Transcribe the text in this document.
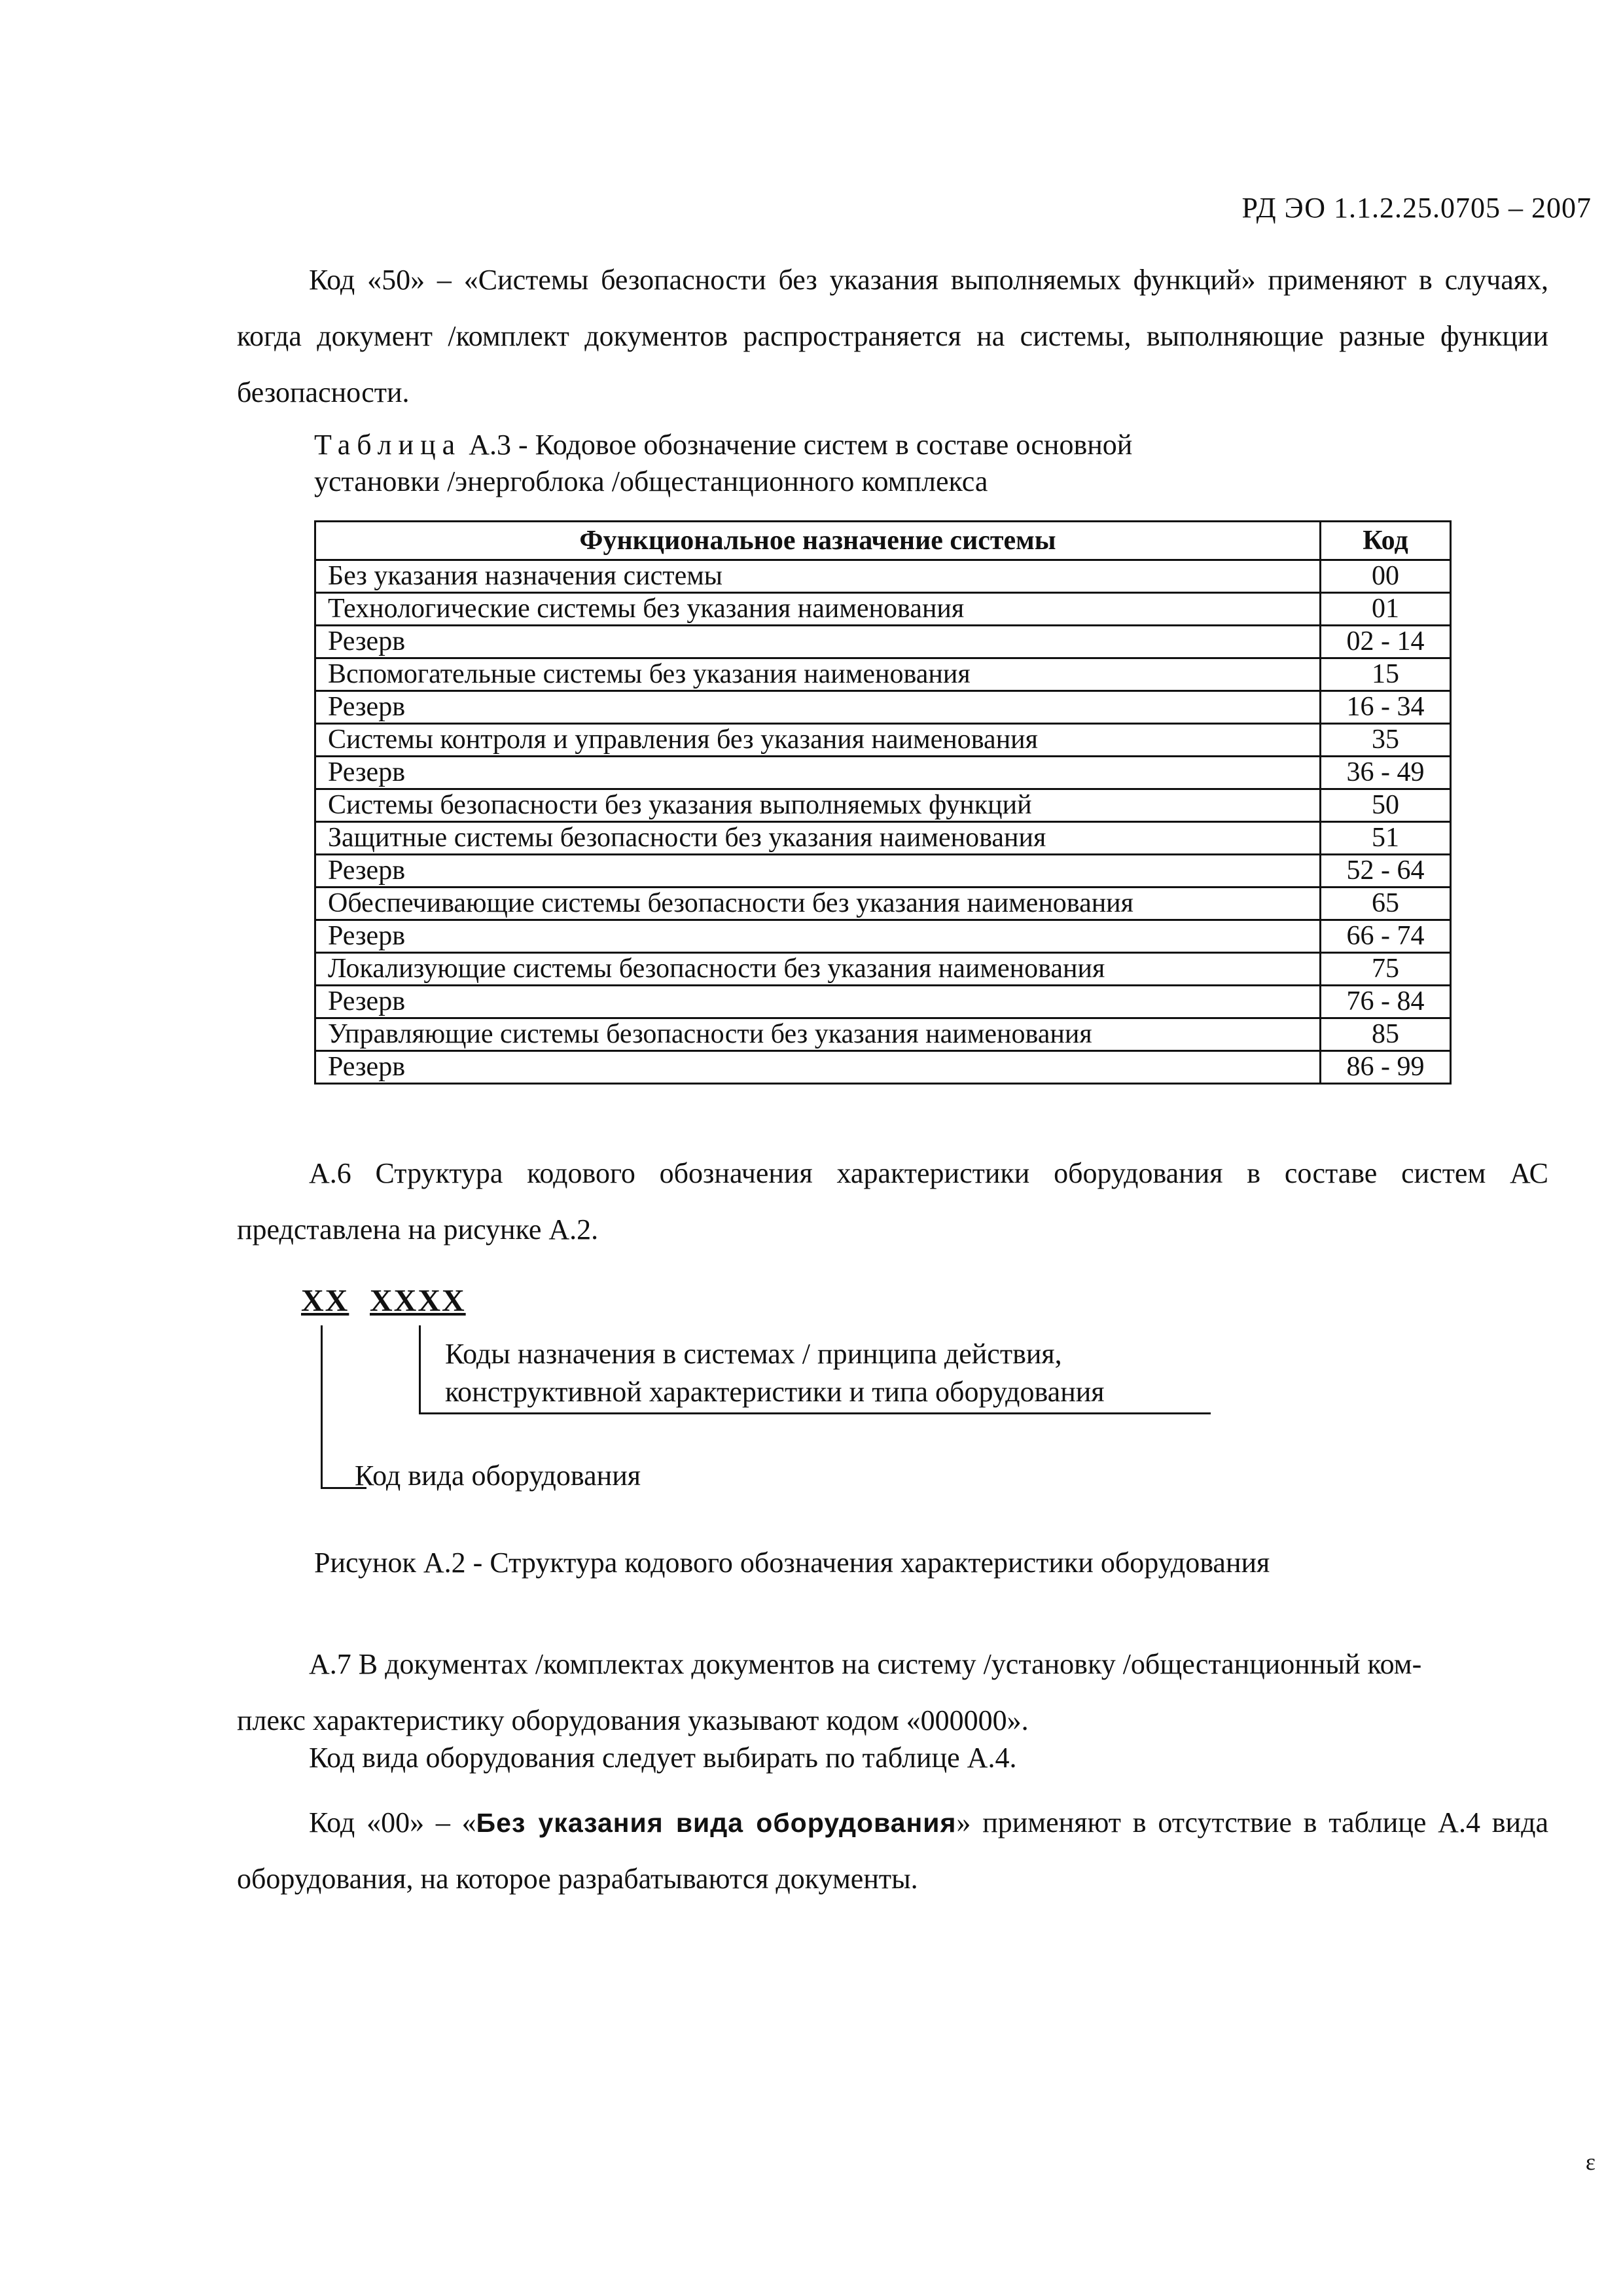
РД ЭО 1.1.2.25.0705 – 2007
Код «50» – «Системы безопасности без указания выполняемых функций» применяют в случаях, когда документ /комплект документов распространяется на системы, выполняющие разные функции безопасности.
Таблица А.3 - Кодовое обозначение систем в составе основной
установки /энергоблока /общестанционного комплекса
Функциональное назначение системы	Код
Без указания назначения системы	00
Технологические системы без указания наименования	01
Резерв	02 - 14
Вспомогательные системы без указания наименования	15
Резерв	16 - 34
Системы контроля и управления без указания наименования	35
Резерв	36 - 49
Системы безопасности без указания выполняемых функций	50
Защитные системы безопасности без указания наименования	51
Резерв	52 - 64
Обеспечивающие системы безопасности без указания наименования	65
Резерв	66 - 74
Локализующие системы безопасности без указания наименования	75
Резерв	76 - 84
Управляющие системы безопасности без указания наименования	85
Резерв	86 - 99
А.6 Структура кодового обозначения характеристики оборудования в составе систем АС представлена на рисунке А.2.
XX XXXX
Коды назначения в системах / принципа действия,
конструктивной характеристики и типа оборудования
Код вида оборудования
Рисунок А.2 - Структура кодового обозначения характеристики оборудования
А.7 В документах /комплектах документов на систему /установку /общестанционный ком-
плекс характеристику оборудования указывают кодом «000000».
Код вида оборудования следует выбирать по таблице А.4.
Код «00» – «Без указания вида оборудования» применяют в отсутствие в таблице А.4 вида оборудования, на которое разрабатываются документы.
ε
